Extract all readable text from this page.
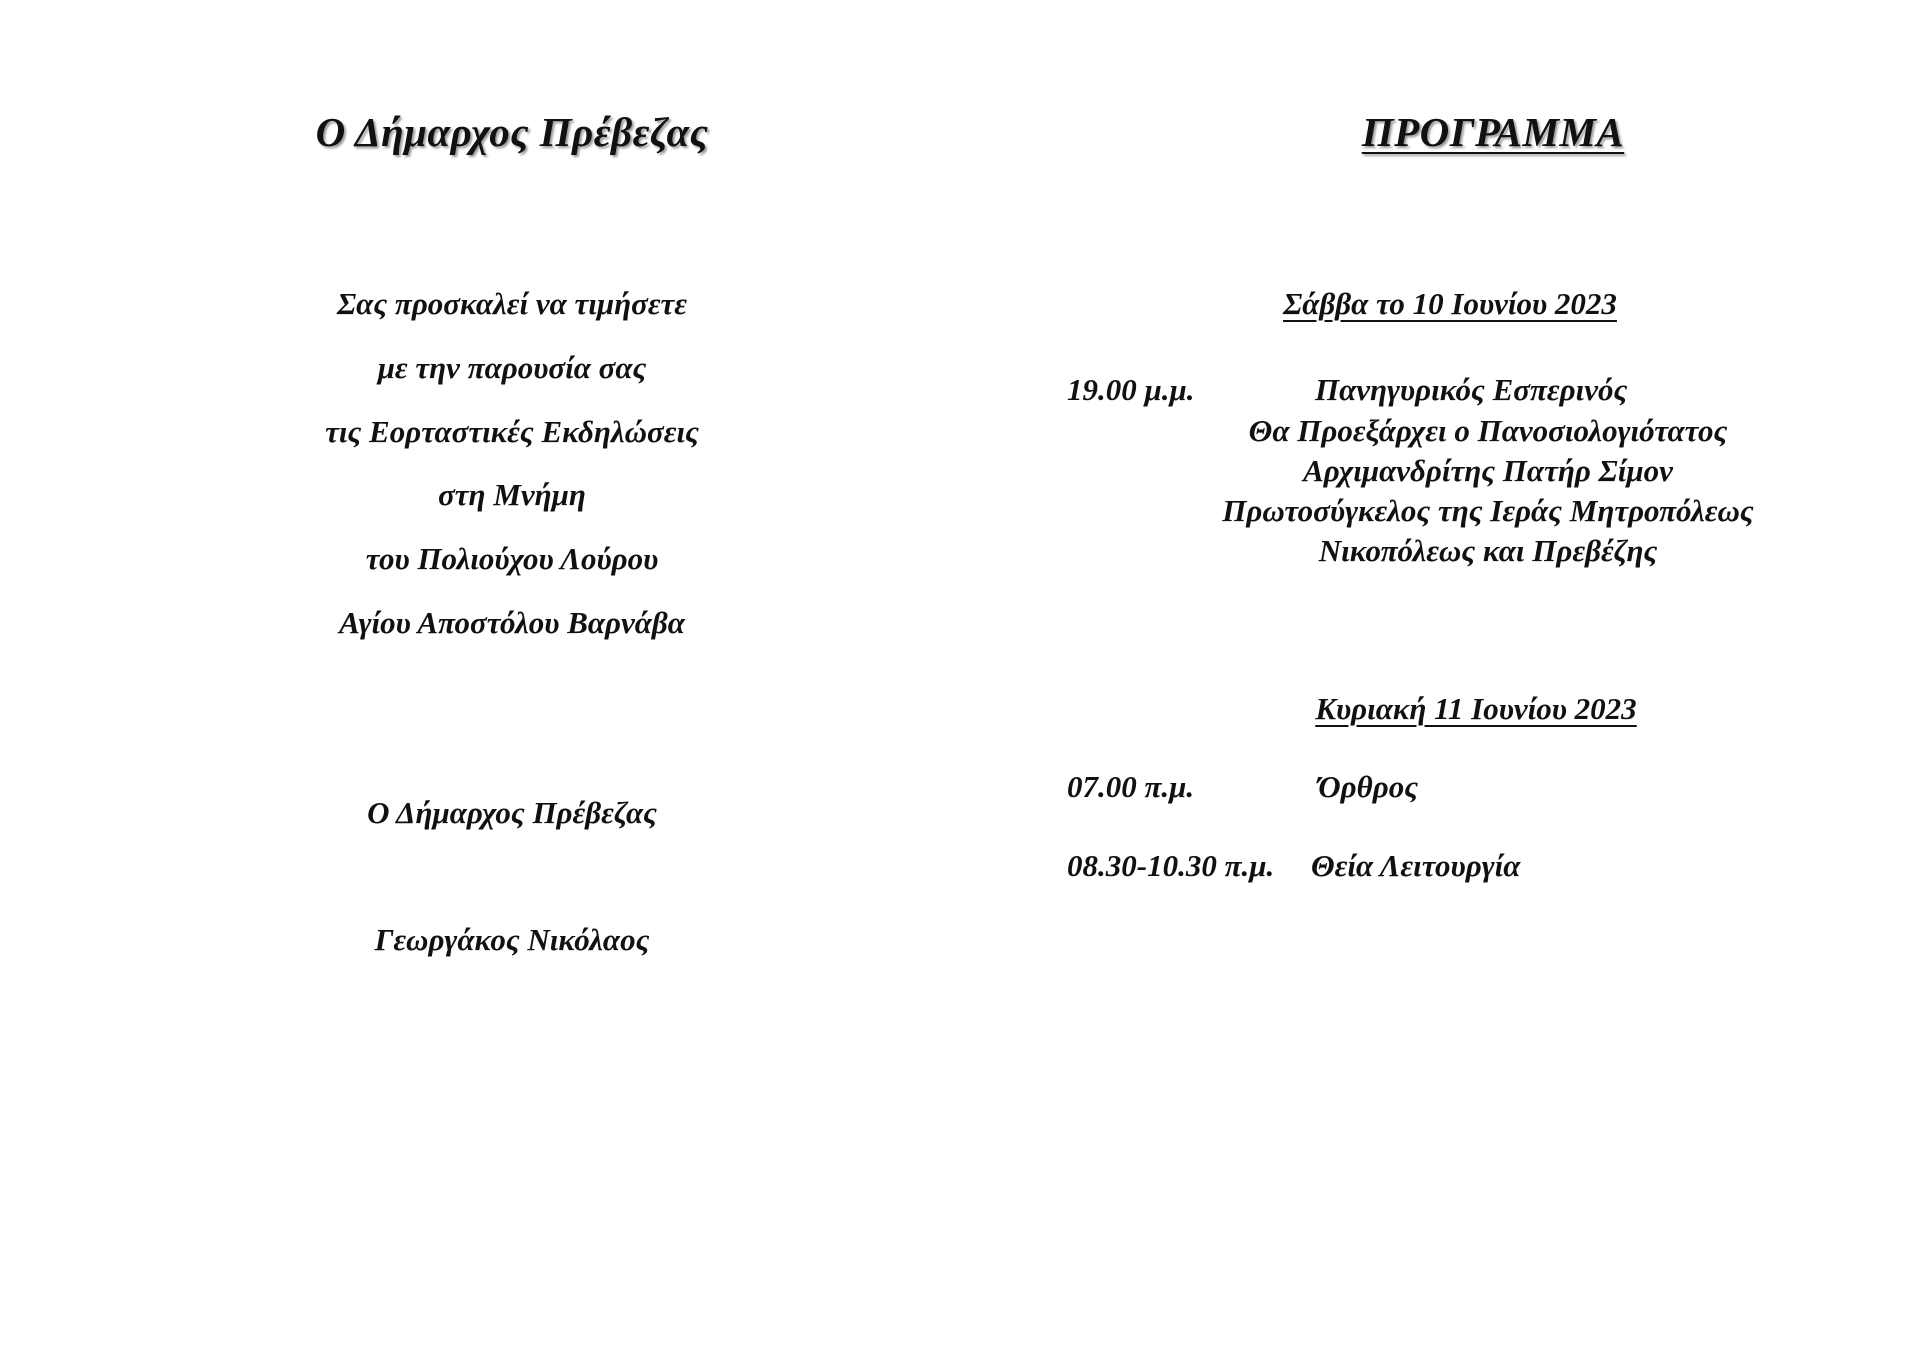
Ο Δήμαρχος Πρέβεζας
Σας προσκαλεί να τιμήσετε
με την παρουσία σας
τις Εορταστικές Εκδηλώσεις
στη Μνήμη
του Πολιούχου Λούρου
Αγίου Αποστόλου Βαρνάβα
Ο Δήμαρχος Πρέβεζας
Γεωργάκος Νικόλαος
ΠΡΟΓΡΑΜΜΑ
Σάββα το 10 Ιουνίου 2023
19.00 μ.μ.	Πανηγυρικός Εσπερινός
Θα Προεξάρχει ο Πανοσιολογιότατος
Αρχιμανδρίτης Πατήρ Σίμον
Πρωτοσύγκελος της Ιεράς Μητροπόλεως
Νικοπόλεως και Πρεβέζης
Κυριακή 11 Ιουνίου 2023
07.00 π.μ.	Όρθρος
08.30-10.30 π.μ. Θεία Λειτουργία
